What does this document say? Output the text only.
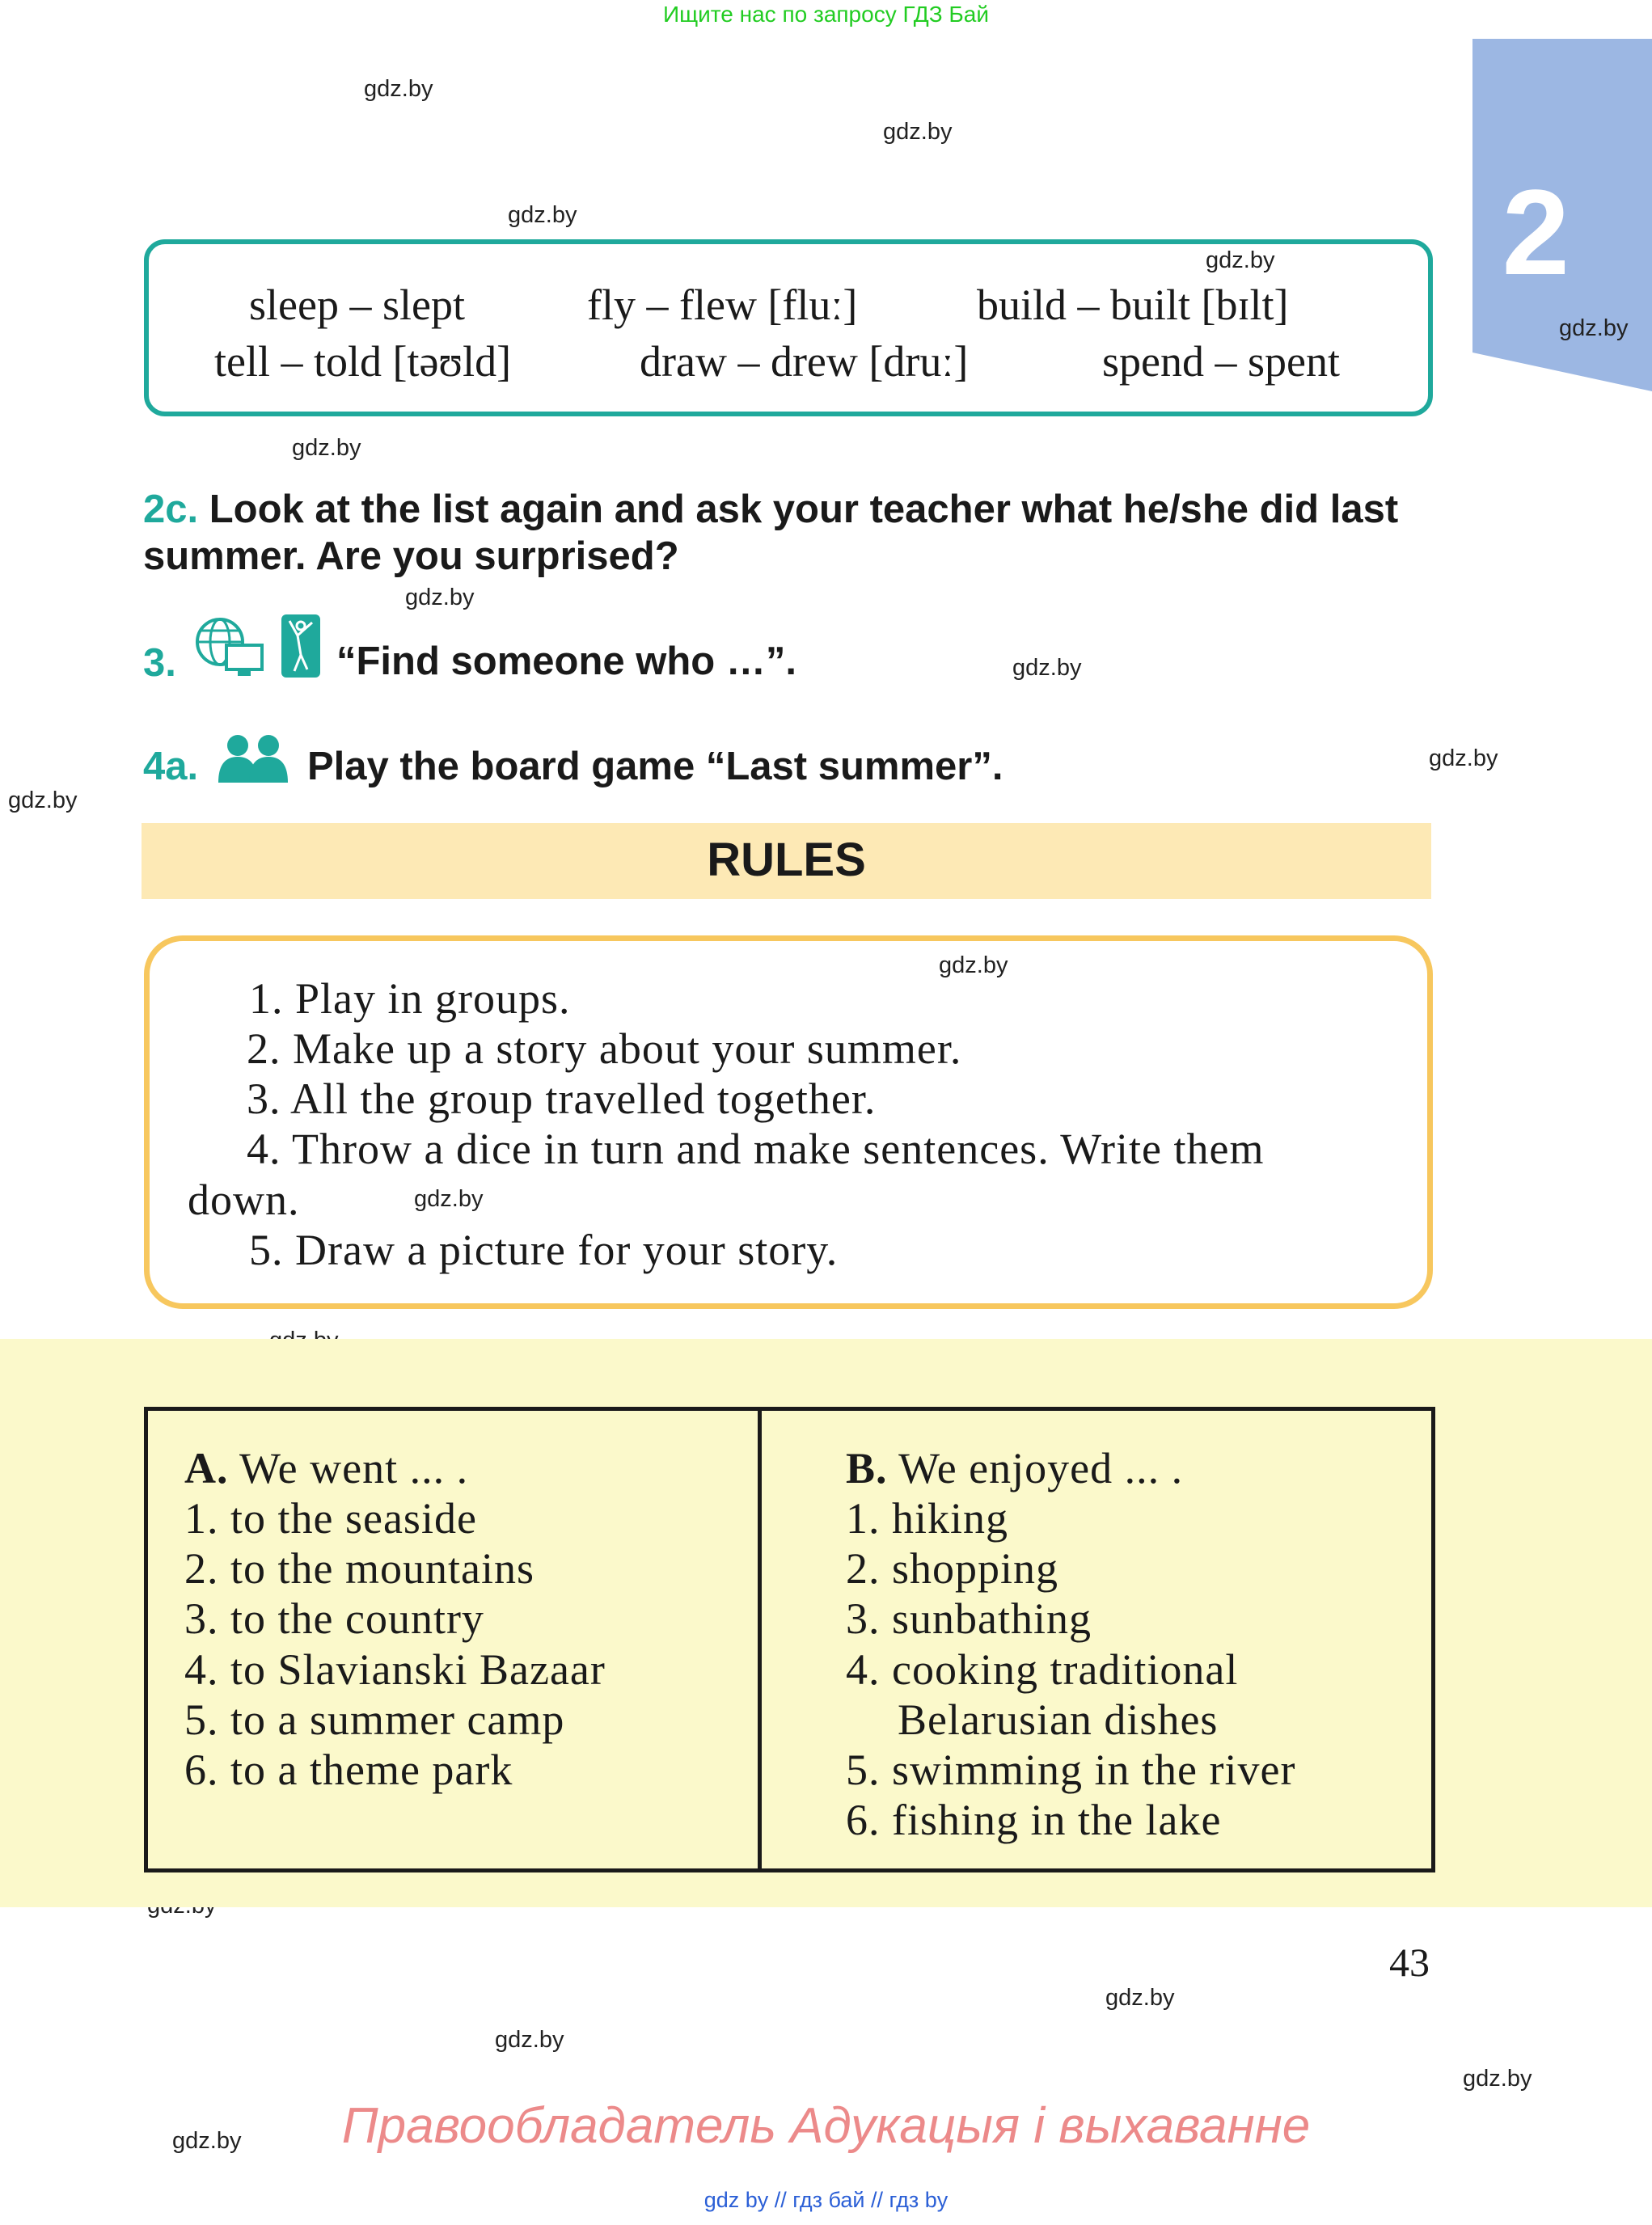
Ищите нас по запросу ГДЗ Бай
2
gdz.by
gdz.by
gdz.by
gdz.by
gdz.by
gdz.by
gdz.by
gdz.by
gdz.by
gdz.by
gdz.by
gdz.by
gdz.by
gdz.by
gdz.by
gdz.by
sleep – slept	fly – flew [fluː]	build – built [bɪlt]
tell – told [təʊld]	draw – drew [druː]	spend – spent
2c. Look at the list again and ask your teacher what he/she did last
summer. Are you surprised?
3.	“Find someone who …”.
4a.	Play the board game “Last summer”.
RULES
1. Play in groups.
2. Make up a story about your summer.
3. All the group travelled together.
4. Throw a dice in turn and make sentences. Write them
down.
5. Draw a picture for your story.
A. We went ... .
1. to the seaside
2. to the mountains
3. to the country
4. to Slavianski Bazaar
5. to a summer camp
6. to a theme park
B. We enjoyed ... .
1. hiking
2. shopping
3. sunbathing
4. cooking traditional
Belarusian dishes
5. swimming in the river
6. fishing in the lake
43
Правообладатель Адукацыя і выхаванне
gdz by // гдз бай // гдз by
